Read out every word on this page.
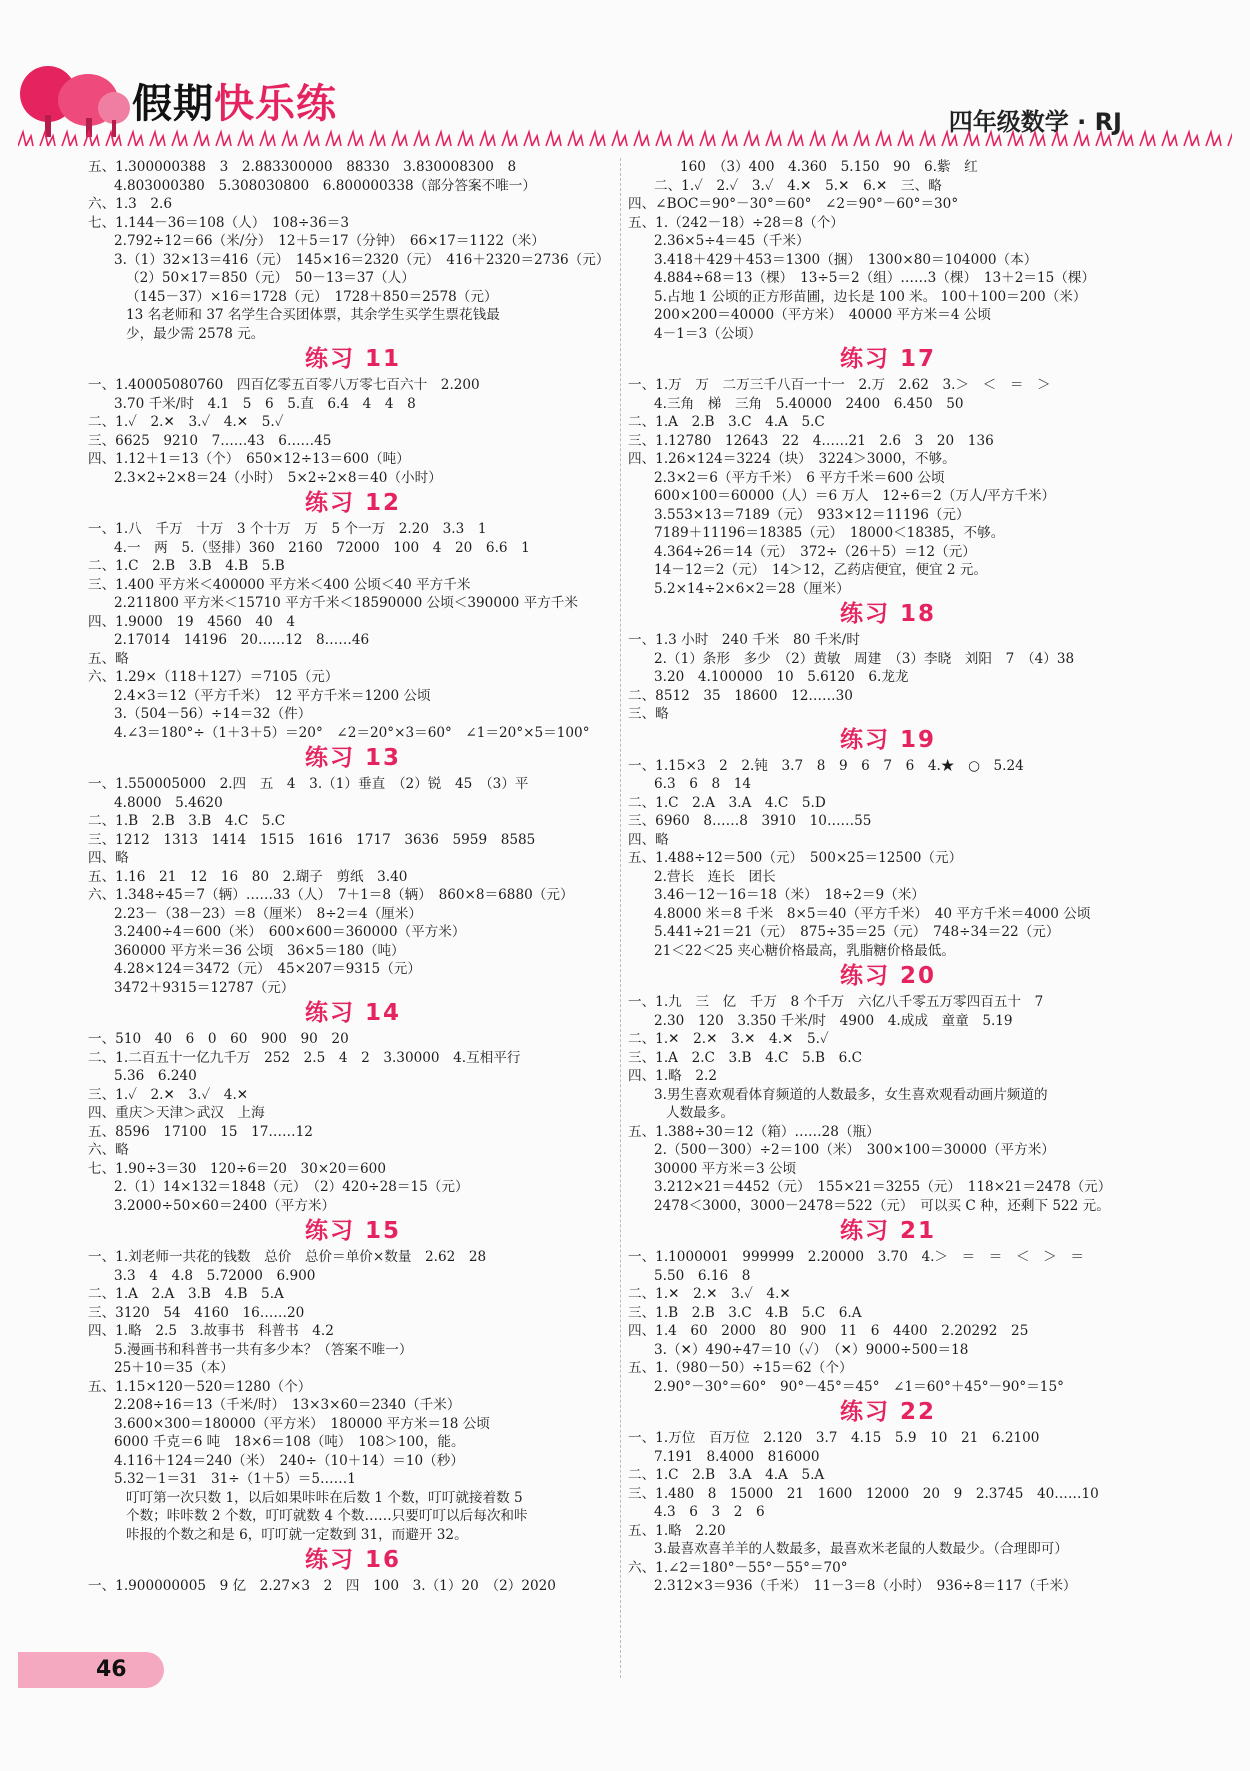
假期快乐练	四年级数学 · RJ
五、1.300000388　3　2.883300000　88330　3.830008300　8
4.803000380　5.308030800　6.800000338（部分答案不唯一）
六、1.3　2.6
七、1.144－36＝108（人）　108÷36＝3
2.792÷12＝66（米/分）　12＋5＝17（分钟）　66×17＝1122（米）
3.（1）32×13＝416（元）　145×16＝2320（元）　416＋2320＝2736（元）
（2）50×17＝850（元）　50－13＝37（人）
（145－37）×16＝1728（元）　1728＋850＝2578（元）
13 名老师和 37 名学生合买团体票，其余学生买学生票花钱最
少，最少需 2578 元。
练习 11
一、1.40005080760　四百亿零五百零八万零七百六十　2.200
3.70 千米/时　4.1　5　6　5.直　6.4　4　4　8
二、1.✓　2.✕　3.✓　4.✕　5.✓
三、6625　9210　7……43　6……45
四、1.12＋1＝13（个）　650×12÷13＝600（吨）
2.3×2÷2×8＝24（小时）　5×2÷2×8＝40（小时）
练习 12
一、1.八　千万　十万　3 个十万　万　5 个一万　2.20　3.3　1
4.一　两　5.（竖排）360　2160　72000　100　4　20　6.6　1
二、1.C　2.B　3.B　4.B　5.B
三、1.400 平方米＜400000 平方米＜400 公顷＜40 平方千米
2.211800 平方米＜15710 平方千米＜18590000 公顷＜390000 平方千米
四、1.9000　19　4560　40　4
2.17014　14196　20……12　8……46
五、略
六、1.29×（118＋127）＝7105（元）
2.4×3＝12（平方千米）　12 平方千米＝1200 公顷
3.（504－56）÷14＝32（件）
4.∠3＝180°÷（1＋3＋5）＝20°　∠2＝20°×3＝60°　∠1＝20°×5＝100°
练习 13
一、1.550005000　2.四　五　4　3.（1）垂直　（2）锐　45　（3）平
4.8000　5.4620
二、1.B　2.B　3.B　4.C　5.C
三、1212　1313　1414　1515　1616　1717　3636　5959　8585
四、略
五、1.16　21　12　16　80　2.瑚子　剪纸　3.40
六、1.348÷45＝7（辆）……33（人）　7＋1＝8（辆）　860×8＝6880（元）
2.23－（38－23）＝8（厘米）　8÷2＝4（厘米）
3.2400÷4＝600（米）　600×600＝360000（平方米）
360000 平方米＝36 公顷　36×5＝180（吨）
4.28×124＝3472（元）　45×207＝9315（元）
3472＋9315＝12787（元）
练习 14
一、510　40　6　0　60　900　90　20
二、1.二百五十一亿九千万　252　2.5　4　2　3.30000　4.互相平行
5.36　6.240
三、1.✓　2.✕　3.✓　4.✕
四、重庆＞天津＞武汉　上海
五、8596　17100　15　17……12
六、略
七、1.90÷3＝30　120÷6＝20　30×20＝600
2.（1）14×132＝1848（元）　（2）420÷28＝15（元）
3.2000÷50×60＝2400（平方米）
练习 15
一、1.刘老师一共花的钱数　总价　总价＝单价×数量　2.62　28
3.3　4　4.8　5.72000　6.900
二、1.A　2.A　3.B　4.B　5.A
三、3120　54　4160　16……20
四、1.略　2.5　3.故事书　科普书　4.2
5.漫画书和科普书一共有多少本？（答案不唯一）
25＋10＝35（本）
五、1.15×120－520＝1280（个）
2.208÷16＝13（千米/时）　13×3×60＝2340（千米）
3.600×300＝180000（平方米）　180000 平方米＝18 公顷
6000 千克＝6 吨　18×6＝108（吨）　108＞100，能。
4.116＋124＝240（米）　240÷（10＋14）＝10（秒）
5.32－1＝31　31÷（1＋5）＝5……1
叮叮第一次只数 1，以后如果咔咔在后数 1 个数，叮叮就接着数 5
个数；咔咔数 2 个数，叮叮就数 4 个数……只要叮叮以后每次和咔
咔报的个数之和是 6，叮叮就一定数到 31，而避开 32。
练习 16
一、1.900000005　9 亿　2.27×3　2　四　100　3.（1）20　（2）2020
160　（3）400　4.360　5.150　90　6.紫　红
二、1.✓　2.✓　3.✓　4.✕　5.✕　6.✕　三、略
四、∠BOC＝90°－30°＝60°　∠2＝90°－60°＝30°
五、1.（242－18）÷28＝8（个）
2.36×5÷4＝45（千米）
3.418＋429＋453＝1300（捆）　1300×80＝104000（本）
4.884÷68＝13（棵）　13÷5＝2（组）……3（棵）　13＋2＝15（棵）
5.占地 1 公顷的正方形苗圃，边长是 100 米。 100＋100＝200（米）
200×200＝40000（平方米）　40000 平方米＝4 公顷
4－1＝3（公顷）
练习 17
一、1.万　万　二万三千八百一十一　2.万　2.62　3.＞　＜　＝　＞
4.三角　梯　三角　5.40000　2400　6.450　50
二、1.A　2.B　3.C　4.A　5.C
三、1.12780　12643　22　4……21　2.6　3　20　136
四、1.26×124＝3224（块）　3224＞3000，不够。
2.3×2＝6（平方千米）　6 平方千米＝600 公顷
600×100＝60000（人）＝6 万人　12÷6＝2（万人/平方千米）
3.553×13＝7189（元）　933×12＝11196（元）
7189＋11196＝18385（元）　18000＜18385，不够。
4.364÷26＝14（元）　372÷（26＋5）＝12（元）
14－12＝2（元）　14＞12，乙药店便宜，便宜 2 元。
5.2×14÷2×6×2＝28（厘米）
练习 18
一、1.3 小时　240 千米　80 千米/时
2.（1）条形　多少　（2）黄敏　周建　（3）李晓　刘阳　7　（4）38
3.20　4.100000　10　5.6120　6.龙龙
二、8512　35　18600　12……30
三、略
练习 19
一、1.15×3　2　2.钝　3.7　8　9　6　7　6　4.★　○　5.24
6.3　6　8　14
二、1.C　2.A　3.A　4.C　5.D
三、6960　8……8　3910　10……55
四、略
五、1.488÷12＝500（元）　500×25＝12500（元）
2.营长　连长　团长
3.46－12－16＝18（米）　18÷2＝9（米）
4.8000 米＝8 千米　8×5＝40（平方千米）　40 平方千米＝4000 公顷
5.441÷21＝21（元）　875÷35＝25（元）　748÷34＝22（元）
21＜22＜25 夹心糖价格最高，乳脂糖价格最低。
练习 20
一、1.九　三　亿　千万　8 个千万　六亿八千零五万零四百五十　7
2.30　120　3.350 千米/时　4900　4.成成　童童　5.19
二、1.✕　2.✕　3.✕　4.✕　5.✓
三、1.A　2.C　3.B　4.C　5.B　6.C
四、1.略　2.2
3.男生喜欢观看体育频道的人数最多，女生喜欢观看动画片频道的
人数最多。
五、1.388÷30＝12（箱）……28（瓶）
2.（500－300）÷2＝100（米）　300×100＝30000（平方米）
30000 平方米＝3 公顷
3.212×21＝4452（元）　155×21＝3255（元）　118×21＝2478（元）
2478＜3000，3000－2478＝522（元）　可以买 C 种，还剩下 522 元。
练习 21
一、1.1000001　999999　2.20000　3.70　4.＞　＝　＝　＜　＞　＝
5.50　6.16　8
二、1.✕　2.✕　3.✓　4.✕
三、1.B　2.B　3.C　4.B　5.C　6.A
四、1.4　60　2000　80　900　11　6　4400　2.20292　25
3.（✕）490÷47＝10（✓）　（✕）9000÷500＝18
五、1.（980－50）÷15＝62（个）
2.90°－30°＝60°　90°－45°＝45°　∠1＝60°＋45°－90°＝15°
练习 22
一、1.万位　百万位　2.120　3.7　4.15　5.9　10　21　6.2100
7.191　8.4000　816000
二、1.C　2.B　3.A　4.A　5.A
三、1.480　8　15000　21　1600　12000　20　9　2.3745　40……10
4.3　6　3　2　6
五、1.略　2.20
3.最喜欢喜羊羊的人数最多，最喜欢米老鼠的人数最少。（合理即可）
六、1.∠2＝180°－55°－55°＝70°
2.312×3＝936（千米）　11－3＝8（小时）　936÷8＝117（千米）
46
